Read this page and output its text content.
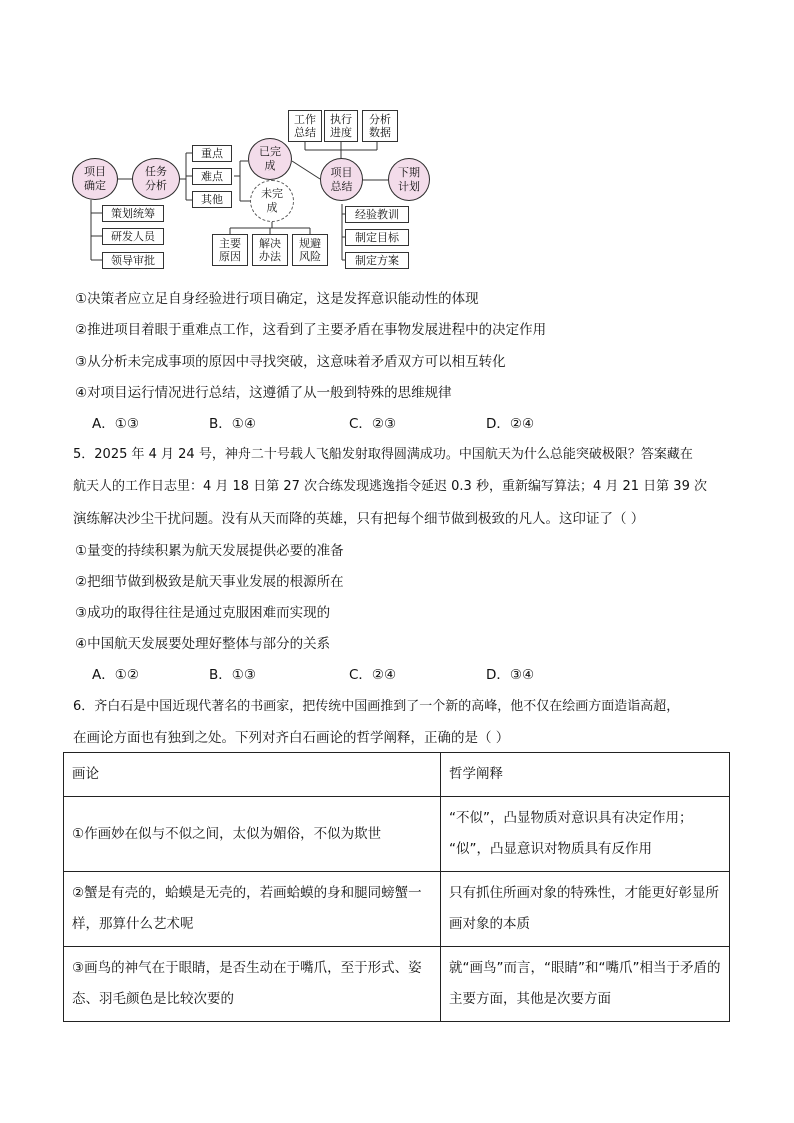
项目
确定
任务
分析
已完
成
未完
成
项目
总结
下期
计划
重点
难点
其他
策划统筹
研发人员
领导审批
工作
总结
执行
进度
分析
数据
主要
原因
解决
办法
规避
风险
经验教训
制定目标
制定方案
①决策者应立足自身经验进行项目确定，这是发挥意识能动性的体现
②推进项目着眼于重难点工作，这看到了主要矛盾在事物发展进程中的决定作用
③从分析未完成事项的原因中寻找突破，这意味着矛盾双方可以相互转化
④对项目运行情况进行总结，这遵循了从一般到特殊的思维规律
A．①③	B．①④	C．②③	D．②④
5．2025 年 4 月 24 号，神舟二十号载人飞船发射取得圆满成功。中国航天为什么总能突破极限？答案藏在
航天人的工作日志里：4 月 18 日第 27 次合练发现逃逸指令延迟 0.3 秒，重新编写算法；4 月 21 日第 39 次
演练解决沙尘干扰问题。没有从天而降的英雄，只有把每个细节做到极致的凡人。这印证了（ ）
①量变的持续积累为航天发展提供必要的准备
②把细节做到极致是航天事业发展的根源所在
③成功的取得往往是通过克服困难而实现的
④中国航天发展要处理好整体与部分的关系
A．①②	B．①③	C．②④	D．③④
6．齐白石是中国近现代著名的书画家，把传统中国画推到了一个新的高峰，他不仅在绘画方面造诣高超，
在画论方面也有独到之处。下列对齐白石画论的哲学阐释，正确的是（ ）
画论	哲学阐释
①作画妙在似与不似之间，太似为媚俗，不似为欺世	“不似”，凸显物质对意识具有决定作用；
“似”，凸显意识对物质具有反作用
②蟹是有壳的，蛤蟆是无壳的，若画蛤蟆的身和腿同螃蟹一样，那算什么艺术呢	只有抓住所画对象的特殊性，才能更好彰显所画对象的本质
③画鸟的神气在于眼睛，是否生动在于嘴爪，至于形式、姿态、羽毛颜色是比较次要的	就“画鸟”而言，“眼睛”和“嘴爪”相当于矛盾的主要方面，其他是次要方面
